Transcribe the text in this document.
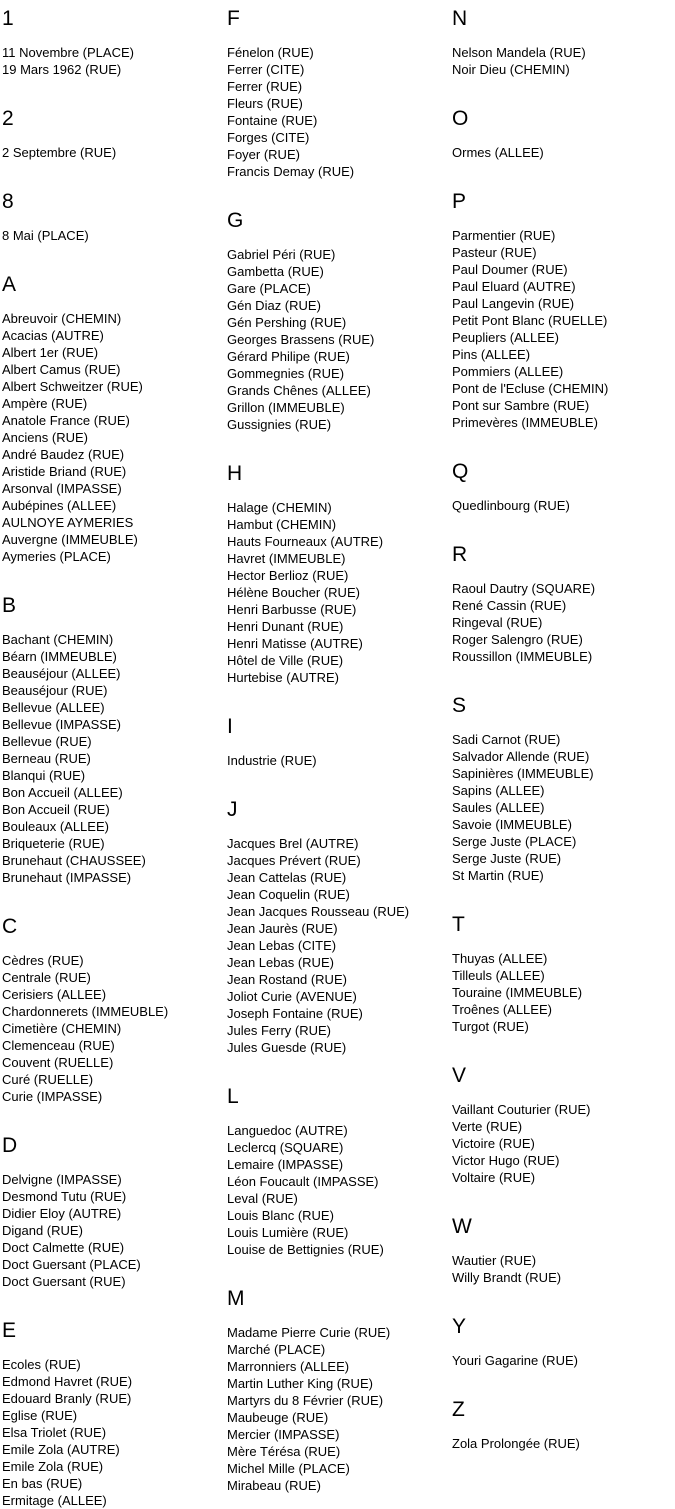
1
11 Novembre (PLACE)
19 Mars 1962 (RUE)
2
2 Septembre (RUE)
8
8 Mai (PLACE)
A
Abreuvoir (CHEMIN)
Acacias (AUTRE)
Albert 1er (RUE)
Albert Camus (RUE)
Albert Schweitzer (RUE)
Ampère (RUE)
Anatole France (RUE)
Anciens (RUE)
André Baudez (RUE)
Aristide Briand (RUE)
Arsonval (IMPASSE)
Aubépines (ALLEE)
AULNOYE AYMERIES
Auvergne (IMMEUBLE)
Aymeries (PLACE)
B
Bachant (CHEMIN)
Béarn (IMMEUBLE)
Beauséjour (ALLEE)
Beauséjour (RUE)
Bellevue (ALLEE)
Bellevue (IMPASSE)
Bellevue (RUE)
Berneau (RUE)
Blanqui (RUE)
Bon Accueil (ALLEE)
Bon Accueil (RUE)
Bouleaux (ALLEE)
Briqueterie (RUE)
Brunehaut (CHAUSSEE)
Brunehaut (IMPASSE)
C
Cèdres (RUE)
Centrale (RUE)
Cerisiers (ALLEE)
Chardonnerets (IMMEUBLE)
Cimetière (CHEMIN)
Clemenceau (RUE)
Couvent (RUELLE)
Curé (RUELLE)
Curie (IMPASSE)
D
Delvigne (IMPASSE)
Desmond Tutu (RUE)
Didier Eloy (AUTRE)
Digand (RUE)
Doct Calmette (RUE)
Doct Guersant (PLACE)
Doct Guersant (RUE)
E
Ecoles (RUE)
Edmond Havret (RUE)
Edouard Branly (RUE)
Eglise (RUE)
Elsa Triolet (RUE)
Emile Zola (AUTRE)
Emile Zola (RUE)
En bas (RUE)
Ermitage (ALLEE)
F
Fénelon (RUE)
Ferrer (CITE)
Ferrer (RUE)
Fleurs (RUE)
Fontaine (RUE)
Forges (CITE)
Foyer (RUE)
Francis Demay (RUE)
G
Gabriel Péri (RUE)
Gambetta (RUE)
Gare (PLACE)
Gén Diaz (RUE)
Gén Pershing (RUE)
Georges Brassens (RUE)
Gérard Philipe (RUE)
Gommegnies (RUE)
Grands Chênes (ALLEE)
Grillon (IMMEUBLE)
Gussignies (RUE)
H
Halage (CHEMIN)
Hambut (CHEMIN)
Hauts Fourneaux (AUTRE)
Havret (IMMEUBLE)
Hector Berlioz (RUE)
Hélène Boucher (RUE)
Henri Barbusse (RUE)
Henri Dunant (RUE)
Henri Matisse (AUTRE)
Hôtel de Ville (RUE)
Hurtebise (AUTRE)
I
Industrie (RUE)
J
Jacques Brel (AUTRE)
Jacques Prévert (RUE)
Jean Cattelas (RUE)
Jean Coquelin (RUE)
Jean Jacques Rousseau (RUE)
Jean Jaurès (RUE)
Jean Lebas (CITE)
Jean Lebas (RUE)
Jean Rostand (RUE)
Joliot Curie (AVENUE)
Joseph Fontaine (RUE)
Jules Ferry (RUE)
Jules Guesde (RUE)
L
Languedoc (AUTRE)
Leclercq (SQUARE)
Lemaire (IMPASSE)
Léon Foucault (IMPASSE)
Leval (RUE)
Louis Blanc (RUE)
Louis Lumière (RUE)
Louise de Bettignies (RUE)
M
Madame Pierre Curie (RUE)
Marché (PLACE)
Marronniers (ALLEE)
Martin Luther King (RUE)
Martyrs du 8 Février (RUE)
Maubeuge (RUE)
Mercier (IMPASSE)
Mère Térésa (RUE)
Michel Mille (PLACE)
Mirabeau (RUE)
N
Nelson Mandela (RUE)
Noir Dieu (CHEMIN)
O
Ormes (ALLEE)
P
Parmentier (RUE)
Pasteur (RUE)
Paul Doumer (RUE)
Paul Eluard (AUTRE)
Paul Langevin (RUE)
Petit Pont Blanc (RUELLE)
Peupliers (ALLEE)
Pins (ALLEE)
Pommiers (ALLEE)
Pont de l'Ecluse (CHEMIN)
Pont sur Sambre (RUE)
Primevères (IMMEUBLE)
Q
Quedlinbourg (RUE)
R
Raoul Dautry (SQUARE)
René Cassin (RUE)
Ringeval (RUE)
Roger Salengro (RUE)
Roussillon (IMMEUBLE)
S
Sadi Carnot (RUE)
Salvador Allende (RUE)
Sapinières (IMMEUBLE)
Sapins (ALLEE)
Saules (ALLEE)
Savoie (IMMEUBLE)
Serge Juste (PLACE)
Serge Juste (RUE)
St Martin (RUE)
T
Thuyas (ALLEE)
Tilleuls (ALLEE)
Touraine (IMMEUBLE)
Troênes (ALLEE)
Turgot (RUE)
V
Vaillant Couturier (RUE)
Verte (RUE)
Victoire (RUE)
Victor Hugo (RUE)
Voltaire (RUE)
W
Wautier (RUE)
Willy Brandt (RUE)
Y
Youri Gagarine (RUE)
Z
Zola Prolongée (RUE)
